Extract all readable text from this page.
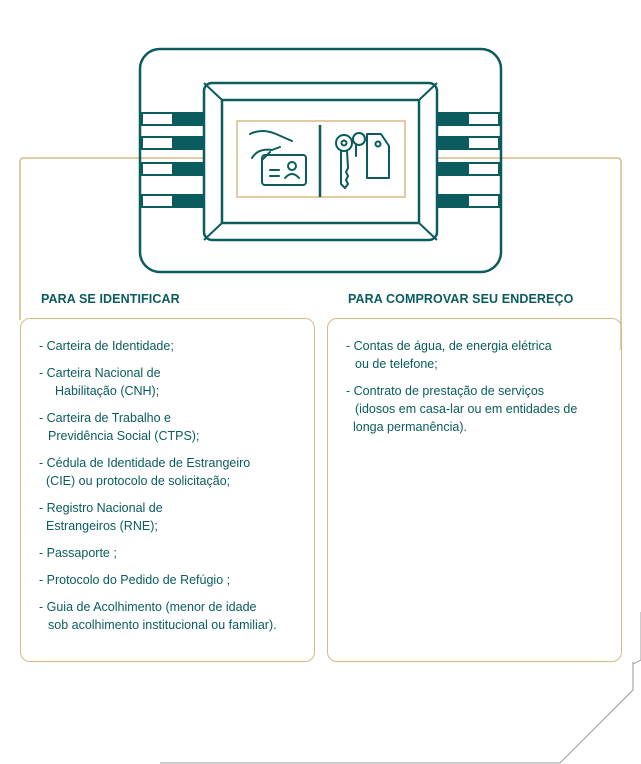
PARA SE IDENTIFICAR	PARA COMPROVAR SEU ENDEREÇO
- Carteira de Identidade;
- Carteira Nacional de
Habilitação (CNH);
- Carteira de Trabalho e
Previdência Social (CTPS);
- Cédula de Identidade de Estrangeiro
(CIE) ou protocolo de solicitação;
- Registro Nacional de
Estrangeiros (RNE);
- Passaporte ;
- Protocolo do Pedido de Refúgio ;
- Guia de Acolhimento (menor de idade
sob acolhimento institucional ou familiar).
- Contas de água, de energia elétrica
ou de telefone;
- Contrato de prestação de serviços
(idosos em casa-lar ou em entidades de
longa permanência).
